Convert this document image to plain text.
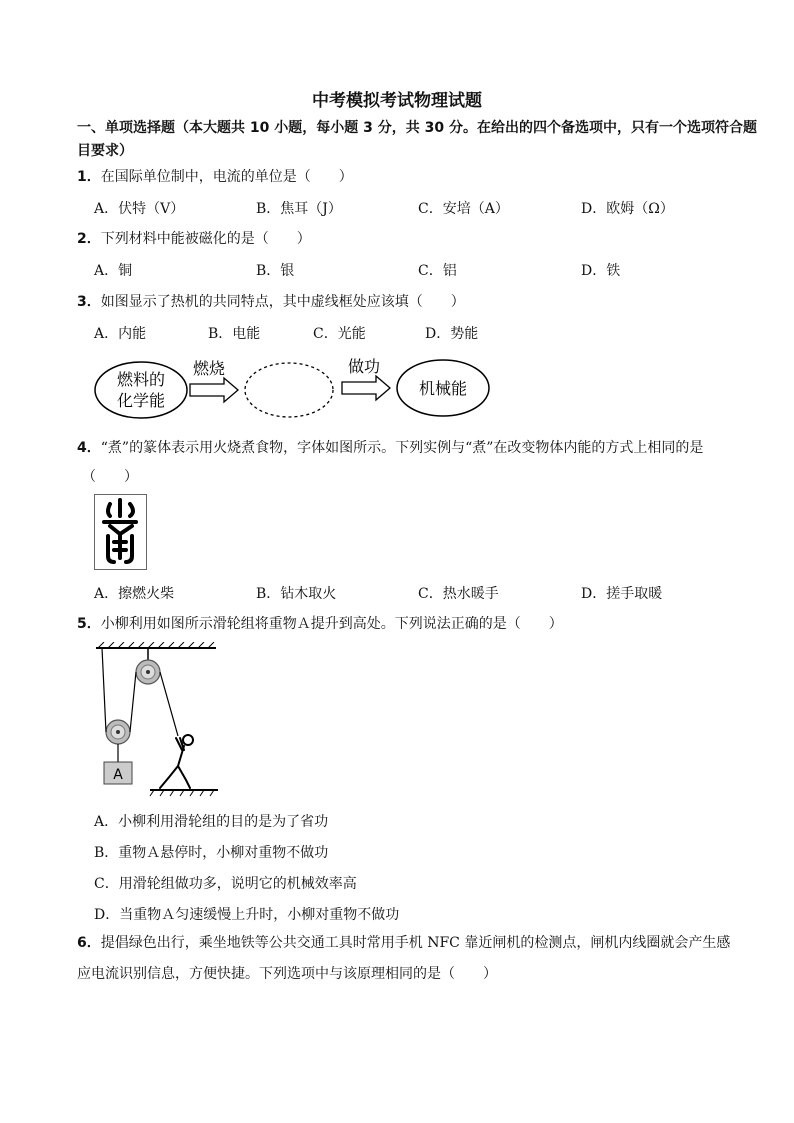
中考模拟考试物理试题
一、单项选择题（本大题共 10 小题，每小题 3 分，共 30 分。在给出的四个备选项中，只有一个选项符合题目要求）
1．在国际单位制中，电流的单位是（　　）
A．伏特（V）	B．焦耳（J）	C．安培（A）	D．欧姆（Ω）
2．下列材料中能被磁化的是（　　）
A．铜	B．银	C．铝	D．铁
3．如图显示了热机的共同特点，其中虚线框处应该填（　　）
A．内能	B．电能	C．光能	D．势能
燃料的
化学能
燃烧	做功
机械能
4．“煮”的篆体表示用火烧煮食物，字体如图所示。下列实例与“煮”在改变物体内能的方式上相同的是
（　　）
A．擦燃火柴	B．钻木取火	C．热水暖手	D．搓手取暖
5．小柳利用如图所示滑轮组将重物Ａ提升到高处。下列说法正确的是（　　）
A
A．小柳利用滑轮组的目的是为了省功
B．重物Ａ悬停时，小柳对重物不做功
C．用滑轮组做功多，说明它的机械效率高
D．当重物Ａ匀速缓慢上升时，小柳对重物不做功
6．提倡绿色出行，乘坐地铁等公共交通工具时常用手机 NFC 靠近闸机的检测点，闸机内线圈就会产生感应电流识别信息，方便快捷。下列选项中与该原理相同的是（　　）
